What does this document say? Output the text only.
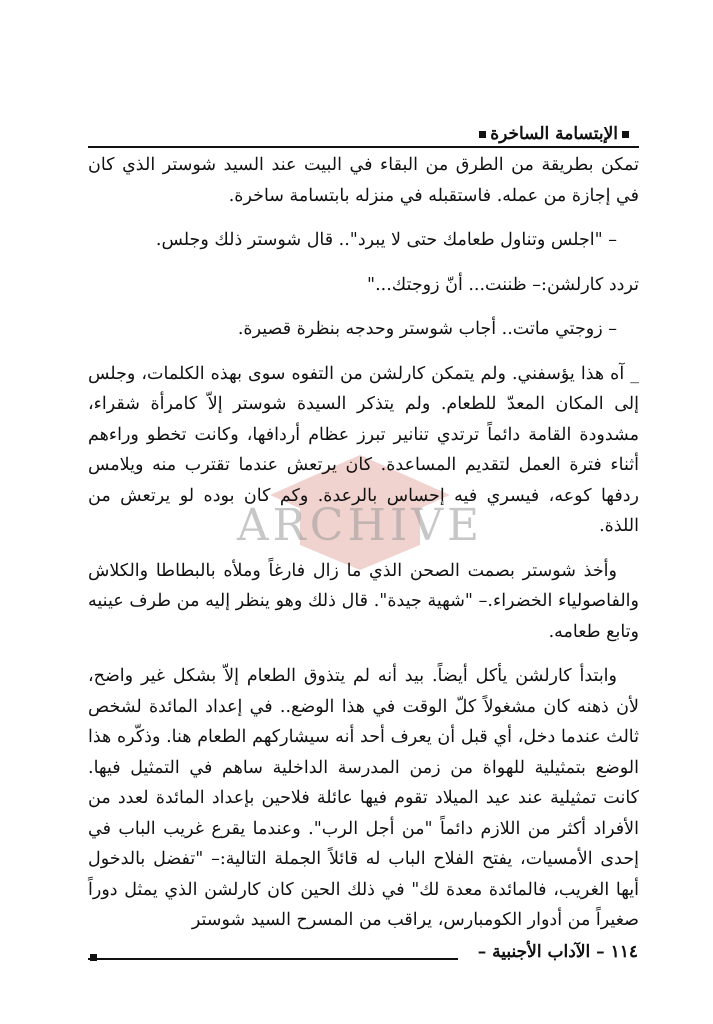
الإبتسامة الساخرة
ARCHIVE

تمكن بطريقة من الطرق من البقاء في البيت عند السيد شوستر الذي كان في إجازة من عمله. فاستقبله في منزله بابتسامة ساخرة.

– "اجلس وتناول طعامك حتى لا يبرد".. قال شوستر ذلك وجلس.

تردد كارلشن:– ظننت... أنّ زوجتك..."

– زوجتي ماتت.. أجاب شوستر وحدجه بنظرة قصيرة.

_ آه هذا يؤسفني. ولم يتمكن كارلشن من التفوه سوى بهذه الكلمات، وجلس إلى المكان المعدّ للطعام. ولم يتذكر السيدة شوستر إلاّ كامرأة شقراء، مشدودة القامة دائماً ترتدي تنانير تبرز عظام أردافها، وكانت تخطو وراءهم أثناء فترة العمل لتقديم المساعدة. كان يرتعش عندما تقترب منه ويلامس ردفها كوعه، فيسري فيه إحساس بالرعدة. وكم كان بوده لو يرتعش من اللذة.

وأخذ شوستر بصمت الصحن الذي ما زال فارغاً وملأه بالبطاطا والكلاش والفاصولياء الخضراء.– "شهية جيدة". قال ذلك وهو ينظر إليه من طرف عينيه وتابع طعامه.

وابتدأ كارلشن يأكل أيضاً. بيد أنه لم يتذوق الطعام إلاّ بشكل غير واضح، لأن ذهنه كان مشغولاً كلّ الوقت في هذا الوضع.. في إعداد المائدة لشخص ثالث عندما دخل، أي قبل أن يعرف أحد أنه سيشاركهم الطعام هنا. وذكّره هذا الوضع بتمثيلية للهواة من زمن المدرسة الداخلية ساهم في التمثيل فيها. كانت تمثيلية عند عيد الميلاد تقوم فيها عائلة فلاحين بإعداد المائدة لعدد من الأفراد أكثر من اللازم دائماً "من أجل الرب". وعندما يقرع غريب الباب في إحدى الأمسيات، يفتح الفلاح الباب له قائلاً الجملة التالية:– "تفضل بالدخول أيها الغريب، فالمائدة معدة لك" في ذلك الحين كان كارلشن الذي يمثل دوراً صغيراً من أدوار الكومبارس، يراقب من المسرح السيد شوستر

١١٤ – الآداب الأجنبية –
